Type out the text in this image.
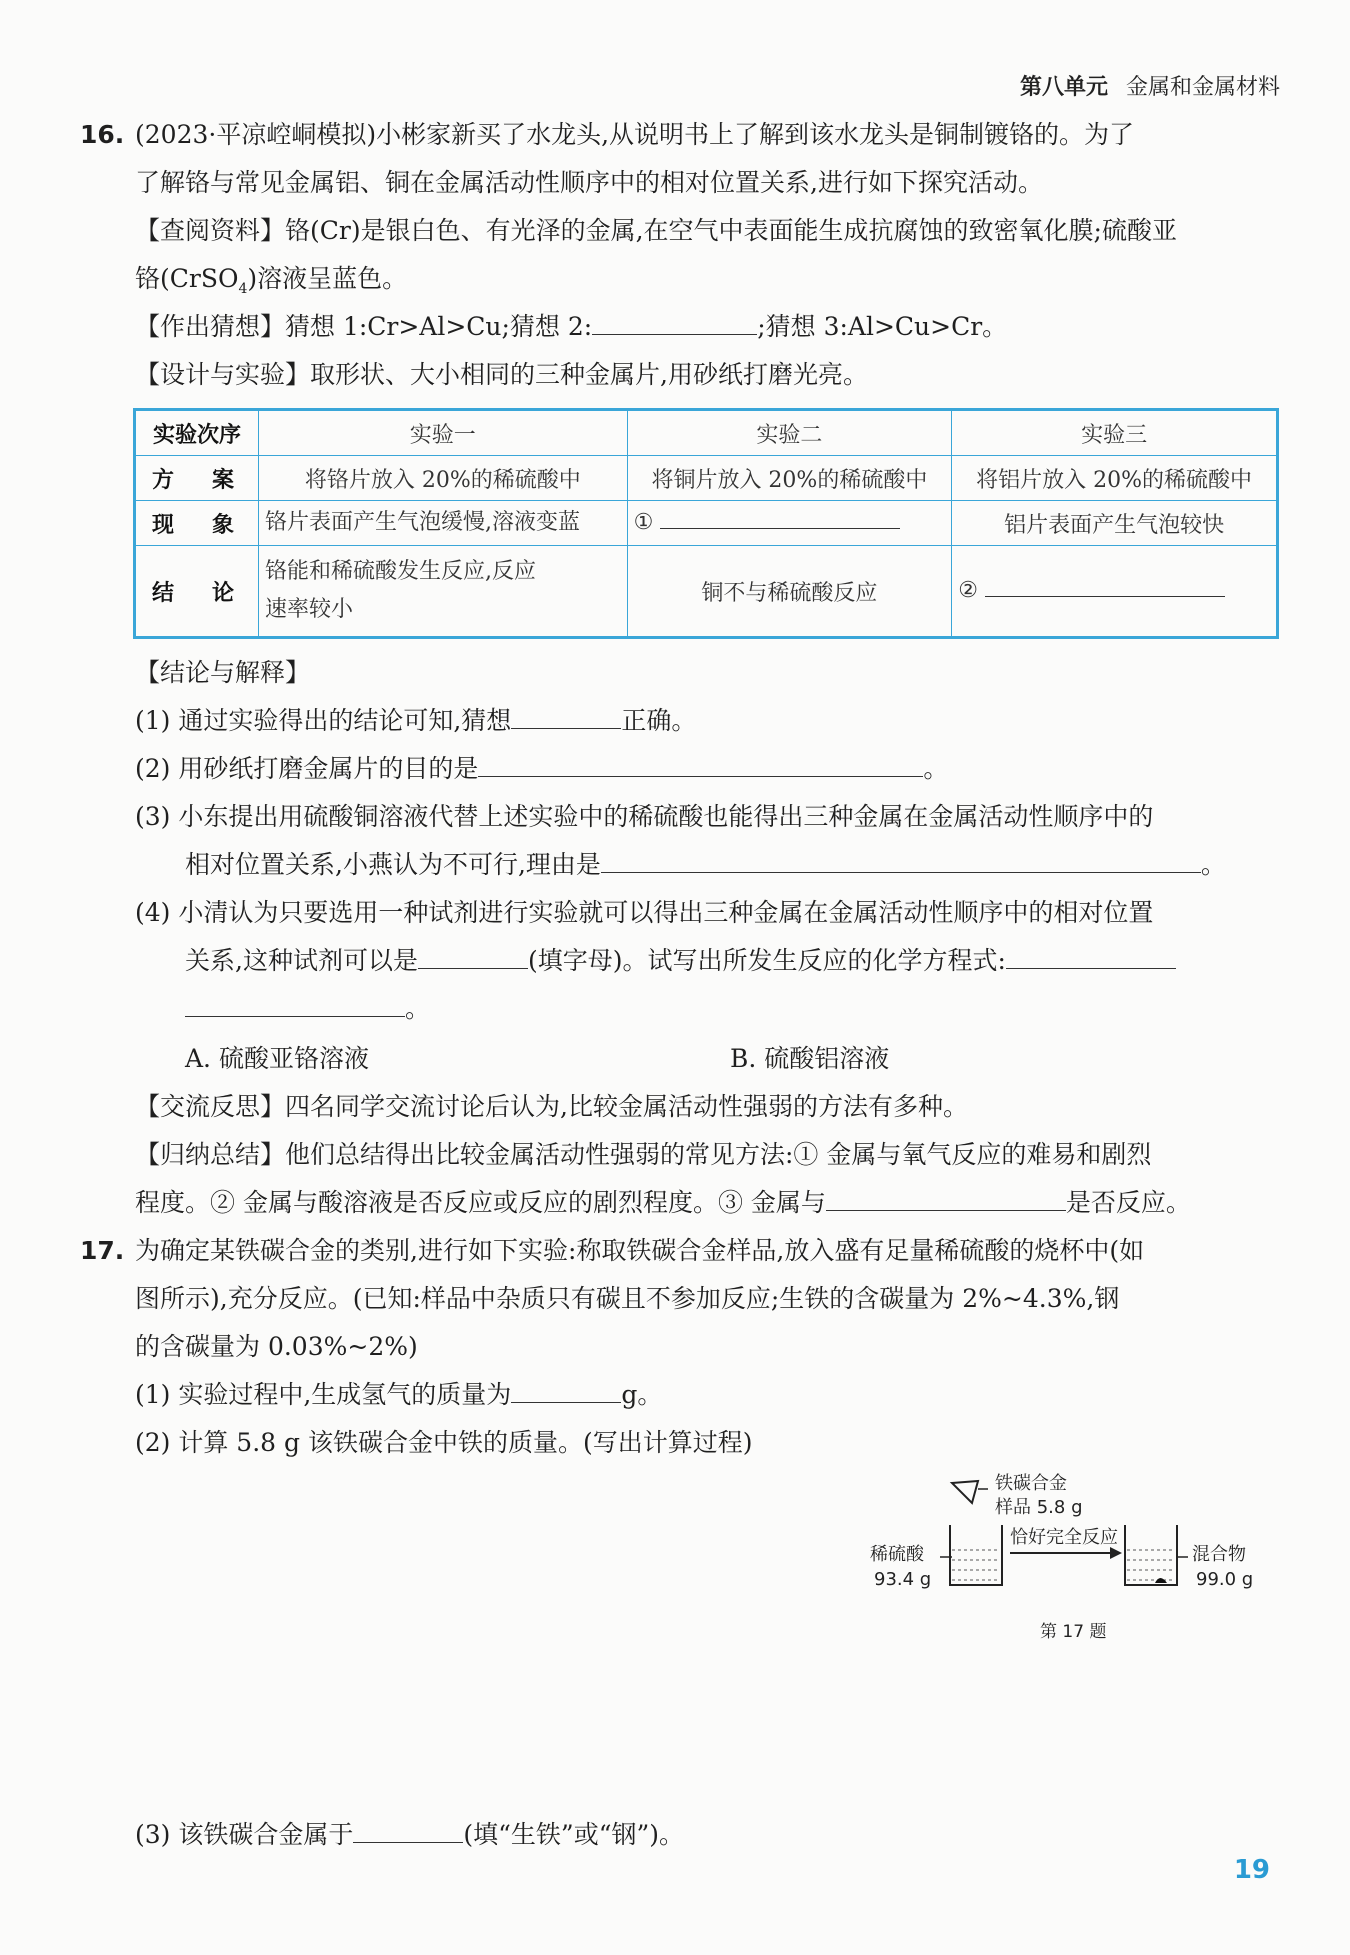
第八单元 金属和金属材料
16. (2023·平凉崆峒模拟)小彬家新买了水龙头,从说明书上了解到该水龙头是铜制镀铬的。为了
了解铬与常见金属铝、铜在金属活动性顺序中的相对位置关系,进行如下探究活动。
【查阅资料】铬(Cr)是银白色、有光泽的金属,在空气中表面能生成抗腐蚀的致密氧化膜;硫酸亚
铬(CrSO$_4$)溶液呈蓝色。
【作出猜想】猜想 1:Cr>Al>Cu;猜想 2:	;猜想 3:Al>Cu>Cr。
【设计与实验】取形状、大小相同的三种金属片,用砂纸打磨光亮。
实验次序	实验一	实验二	实验三
方　案	将铬片放入 20%的稀硫酸中	将铜片放入 20%的稀硫酸中	将铝片放入 20%的稀硫酸中
现　象	铬片表面产生气泡缓慢,溶液变蓝	①	铝片表面产生气泡较快
结　论	铬能和稀硫酸发生反应,反应
速率较小	铜不与稀硫酸反应	②
【结论与解释】
(1) 通过实验得出的结论可知,猜想	正确。
(2) 用砂纸打磨金属片的目的是	。
(3) 小东提出用硫酸铜溶液代替上述实验中的稀硫酸也能得出三种金属在金属活动性顺序中的
相对位置关系,小燕认为不可行,理由是	。
(4) 小清认为只要选用一种试剂进行实验就可以得出三种金属在金属活动性顺序中的相对位置
关系,这种试剂可以是	(填字母)。试写出所发生反应的化学方程式:
。
A. 硫酸亚铬溶液	B. 硫酸铝溶液
【交流反思】四名同学交流讨论后认为,比较金属活动性强弱的方法有多种。
【归纳总结】他们总结得出比较金属活动性强弱的常见方法:① 金属与氧气反应的难易和剧烈
程度。② 金属与酸溶液是否反应或反应的剧烈程度。③ 金属与	是否反应。
17. 为确定某铁碳合金的类别,进行如下实验:称取铁碳合金样品,放入盛有足量稀硫酸的烧杯中(如
图所示),充分反应。(已知:样品中杂质只有碳且不参加反应;生铁的含碳量为 2%~4.3%,钢
的含碳量为 0.03%~2%)
(1) 实验过程中,生成氢气的质量为	g。
(2) 计算 5.8 g 该铁碳合金中铁的质量。(写出计算过程)
铁碳合金
样品 5.8 g
稀硫酸
93.4 g
恰好完全反应
混合物
99.0 g
第 17 题
(3) 该铁碳合金属于	(填“生铁”或“钢”)。
19
